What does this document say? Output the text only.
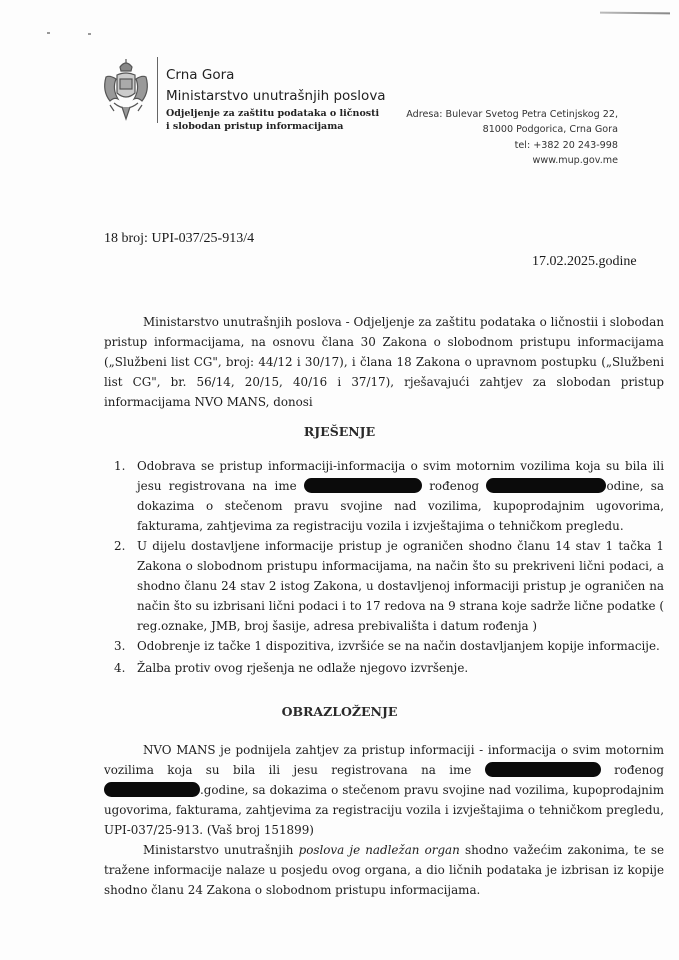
Crna Gora
Ministarstvo unutrašnjih poslova
Odjeljenje za zaštitu podataka o ličnosti
i slobodan pristup informacijama
Adresa: Bulevar Svetog Petra Cetinjskog 22,
81000 Podgorica, Crna Gora
tel: +382 20 243-998
www.mup.gov.me
18 broj: UPI-037/25-913/4
17.02.2025.godine

Ministarstvo unutrašnjih poslova - Odjeljenje za zaštitu podataka o ličnostii i slobodan pristup informacijama, na osnovu člana 30 Zakona o slobodnom pristupu informacijama („Službeni list CG", broj: 44/12 i 30/17), i člana 18 Zakona o upravnom postupku („Službeni list CG", br. 56/14, 20/15, 40/16 i 37/17), rješavajući zahtjev za slobodan pristup informacijama NVO MANS, donosi

RJEŠENJE
1. Odobrava se pristup informaciji-informacija o svim motornim vozilima koja su bila ili jesu registrovana na ime	rođenog	odine, sa dokazima o stečenom pravu svojine nad vozilima, kupoprodajnim ugovorima, fakturama, zahtjevima za registraciju vozila i izvještajima o tehničkom pregledu.
2. U dijelu dostavljene informacije pristup je ograničen shodno članu 14 stav 1 tačka 1 Zakona o slobodnom pristupu informacijama, na način što su prekriveni lični podaci, a shodno članu 24 stav 2 istog Zakona, u dostavljenoj informaciji pristup je ograničen na način što su izbrisani lični podaci i to 17 redova na 9 strana koje sadrže lične podatke ( reg.oznake, JMB, broj šasije, adresa prebivališta i datum rođenja )
3. Odobrenje iz tačke 1 dispozitiva, izvršiće se na način dostavljanjem kopije informacije.
4. Žalba protiv ovog rješenja ne odlaže njegovo izvršenje.
OBRAZLOŽENJE

NVO MANS je podnijela zahtjev za pristup informaciji - informacija o svim motornim vozilima koja su bila ili jesu registrovana na ime	rođenog .godine, sa dokazima o stečenom pravu svojine nad vozilima, kupoprodajnim ugovorima, fakturama, zahtjevima za registraciju vozila i izvještajima o tehničkom pregledu, UPI-037/25-913. (Vaš broj 151899)

Ministarstvo unutrašnjih poslova je nadležan organ shodno važećim zakonima, te se tražene informacije nalaze u posjedu ovog organa, a dio ličnih podataka je izbrisan iz kopije shodno članu 24 Zakona o slobodnom pristupu informacijama.
